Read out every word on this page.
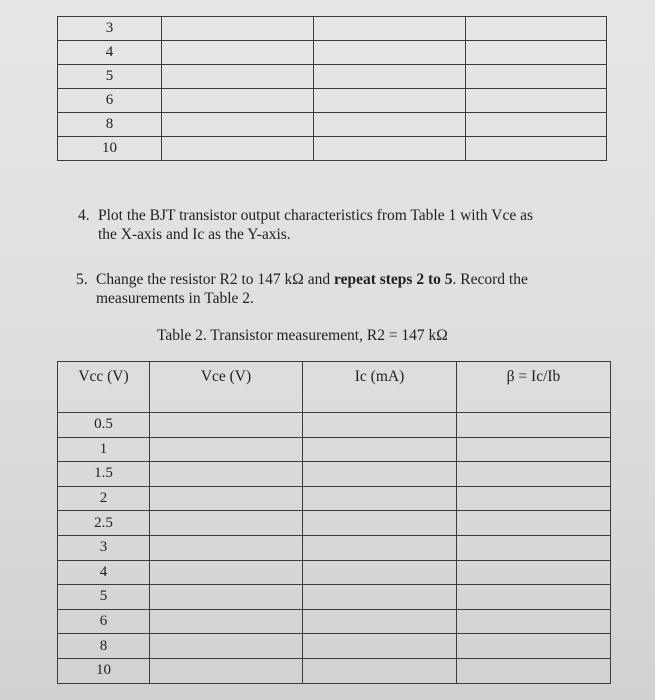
3			
4			
5			
6			
8			
10			
4. Plot the BJT transistor output characteristics from Table 1 with Vce as
the X-axis and Ic as the Y-axis.
5. Change the resistor R2 to 147 kΩ and repeat steps 2 to 5. Record the
measurements in Table 2.
Table 2. Transistor measurement, R2 = 147 kΩ
Vcc (V)	Vce (V)	Ic (mA)	β = Ic/Ib
0.5			
1			
1.5			
2			
2.5			
3			
4			
5			
6			
8			
10			
